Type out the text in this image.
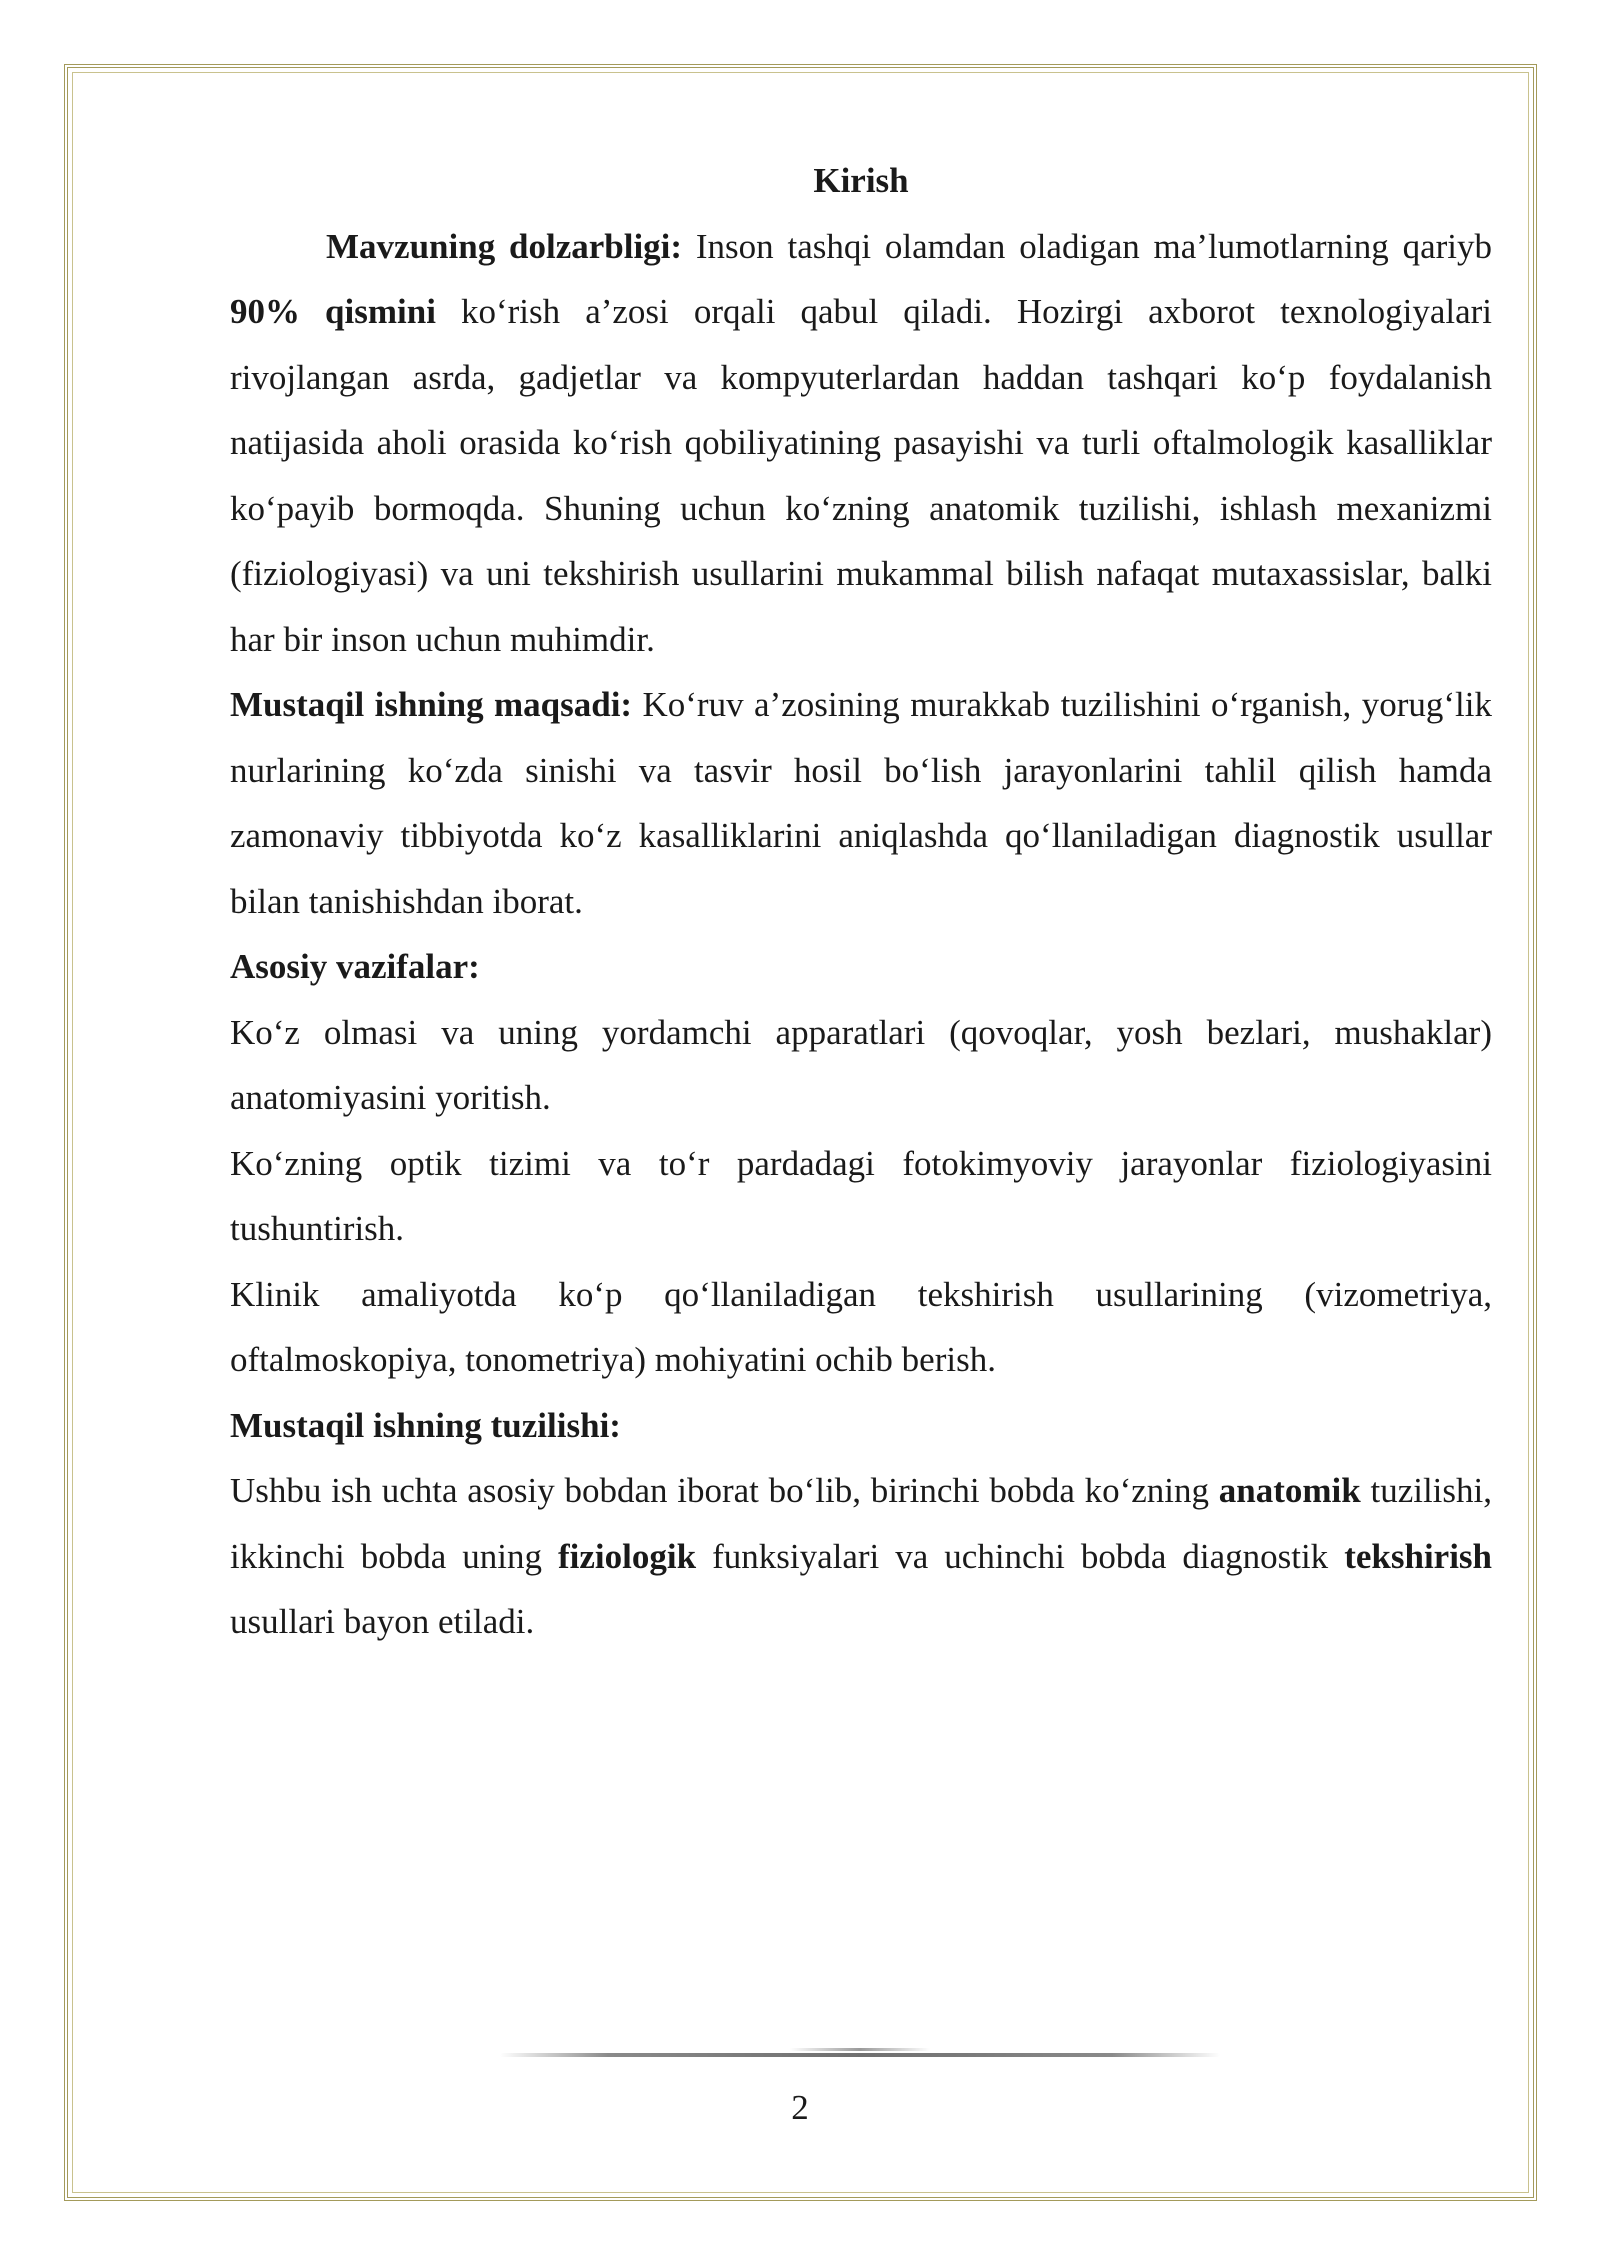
Kirish

Mavzuning dolzarbligi: Inson tashqi olamdan oladigan ma’lumotlarning qariyb 90% qismini ko‘rish a’zosi orqali qabul qiladi. Hozirgi axborot texnologiyalari rivojlangan asrda, gadjetlar va kompyuterlardan haddan tashqari ko‘p foydalanish natijasida aholi orasida ko‘rish qobiliyatining pasayishi va turli oftalmologik kasalliklar ko‘payib bormoqda. Shuning uchun ko‘zning anatomik tuzilishi, ishlash mexanizmi (fiziologiyasi) va uni tekshirish usullarini mukammal bilish nafaqat mutaxassislar, balki har bir inson uchun muhimdir.

Mustaqil ishning maqsadi: Ko‘ruv a’zosining murakkab tuzilishini o‘rganish, yorug‘lik nurlarining ko‘zda sinishi va tasvir hosil bo‘lish jarayonlarini tahlil qilish hamda zamonaviy tibbiyotda ko‘z kasalliklarini aniqlashda qo‘llaniladigan diagnostik usullar bilan tanishishdan iborat.

Asosiy vazifalar:

Ko‘z olmasi va uning yordamchi apparatlari (qovoqlar, yosh bezlari, mushaklar) anatomiyasini yoritish.

Ko‘zning optik tizimi va to‘r pardadagi fotokimyoviy jarayonlar fiziologiyasini tushuntirish.

Klinik amaliyotda ko‘p qo‘llaniladigan tekshirish usullarining (vizometriya, oftalmoskopiya, tonometriya) mohiyatini ochib berish.

Mustaqil ishning tuzilishi:

Ushbu ish uchta asosiy bobdan iborat bo‘lib, birinchi bobda ko‘zning anatomik tuzilishi, ikkinchi bobda uning fiziologik funksiyalari va uchinchi bobda diagnostik tekshirish usullari bayon etiladi.

2
